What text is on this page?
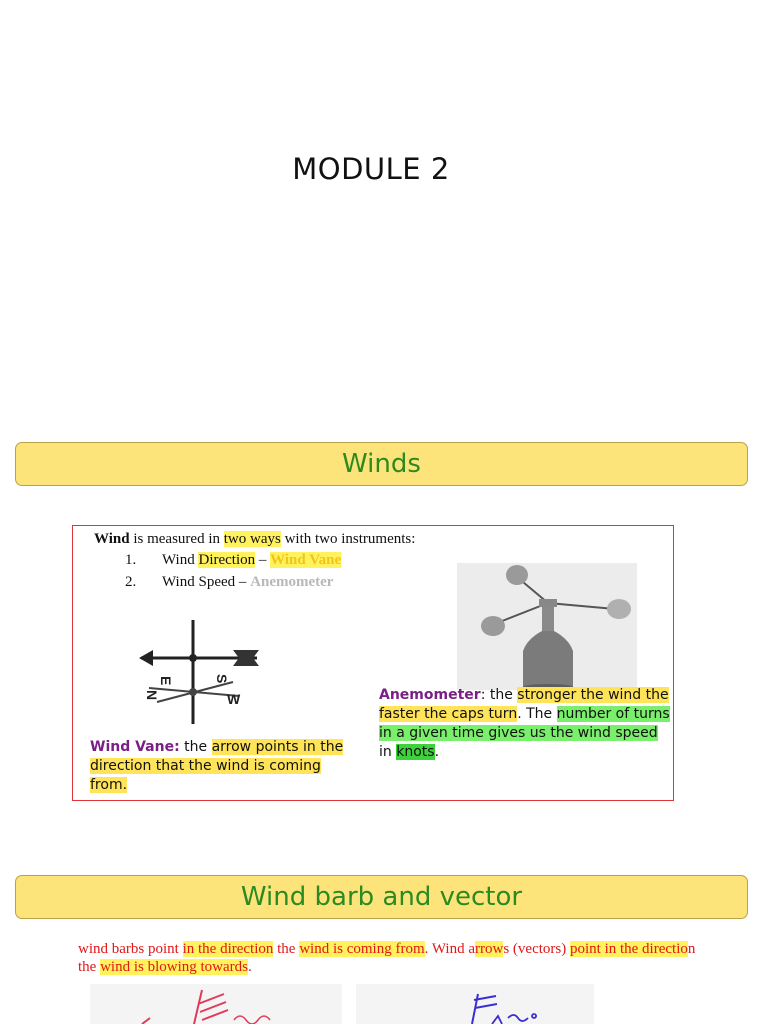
MODULE 2
Winds
Wind is measured in two ways with two instruments:
1. Wind Direction – Wind Vane
2. Wind Speed – Anemometer
N
S
E
W
Wind Vane: the arrow points in the direction that the wind is coming from.
Anemometer: the stronger the wind the faster the caps turn. The number of turns in a given time gives us the wind speed in knots.
Wind barb and vector
wind barbs point in the direction the wind is coming from. Wind arrows (vectors) point in the direction the wind is blowing towards.
